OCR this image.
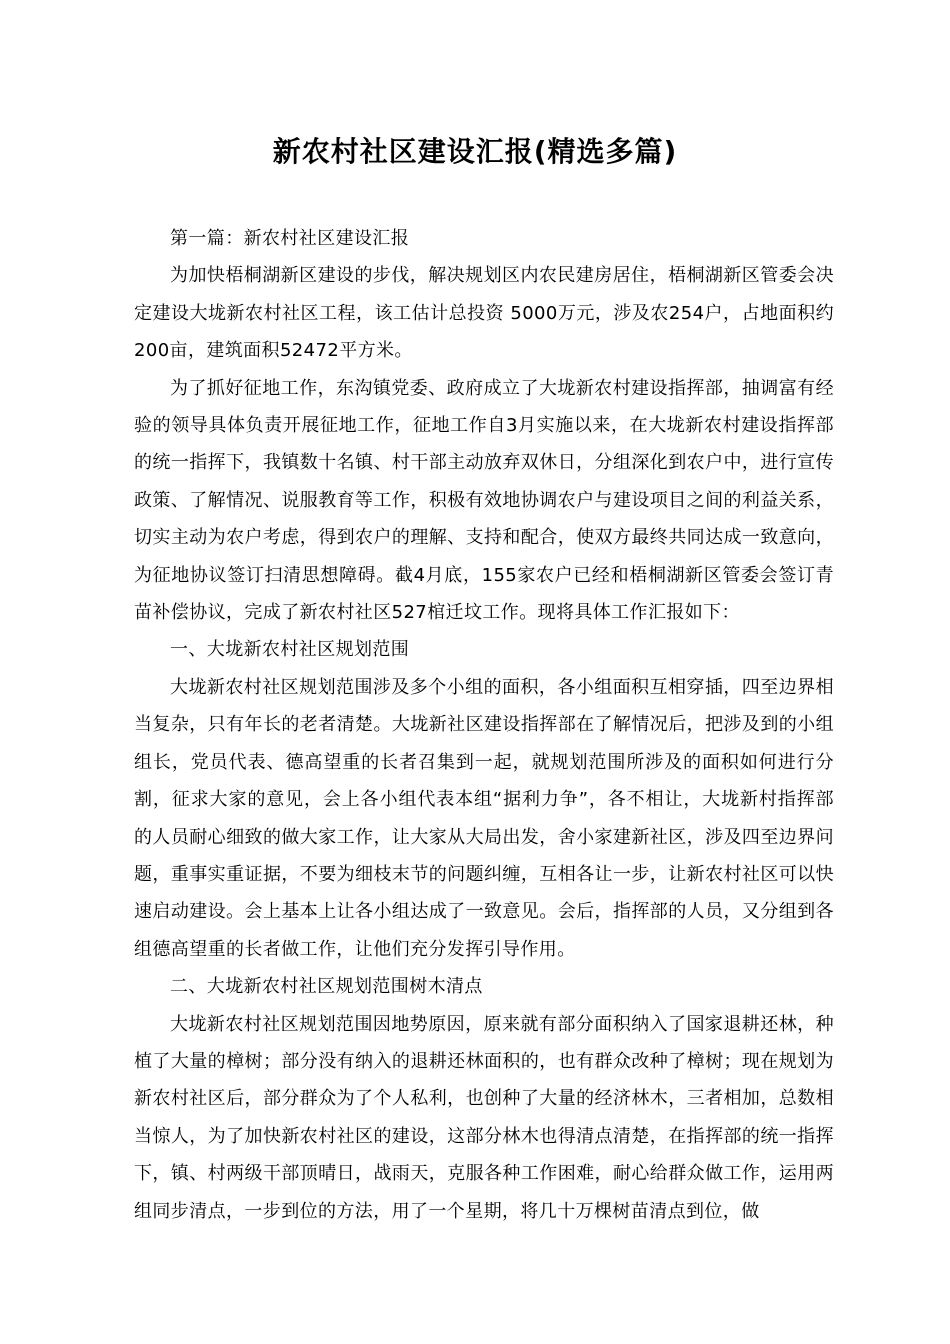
新农村社区建设汇报(精选多篇)

第一篇：新农村社区建设汇报

为加快梧桐湖新区建设的步伐，解决规划区内农民建房居住，梧桐湖新区管委会决定建设大垅新农村社区工程，该工估计总投资 5000万元，涉及农254户，占地面积约200亩，建筑面积52472平方米。

为了抓好征地工作，东沟镇党委、政府成立了大垅新农村建设指挥部，抽调富有经验的领导具体负责开展征地工作，征地工作自3月实施以来，在大垅新农村建设指挥部的统一指挥下，我镇数十名镇、村干部主动放弃双休日，分组深化到农户中，进行宣传政策、了解情况、说服教育等工作，积极有效地协调农户与建设项目之间的利益关系，切实主动为农户考虑，得到农户的理解、支持和配合，使双方最终共同达成一致意向，为征地协议签订扫清思想障碍。截4月底，155家农户已经和梧桐湖新区管委会签订青苗补偿协议，完成了新农村社区527棺迁坟工作。现将具体工作汇报如下：

一、大垅新农村社区规划范围

大垅新农村社区规划范围涉及多个小组的面积，各小组面积互相穿插，四至边界相当复杂，只有年长的老者清楚。大垅新社区建设指挥部在了解情况后，把涉及到的小组组长，党员代表、德高望重的长者召集到一起，就规划范围所涉及的面积如何进行分割，征求大家的意见，会上各小组代表本组“据利力争”，各不相让，大垅新村指挥部的人员耐心细致的做大家工作，让大家从大局出发，舍小家建新社区，涉及四至边界问题，重事实重证据，不要为细枝末节的问题纠缠，互相各让一步，让新农村社区可以快速启动建设。会上基本上让各小组达成了一致意见。会后，指挥部的人员，又分组到各组德高望重的长者做工作，让他们充分发挥引导作用。

二、大垅新农村社区规划范围树木清点

大垅新农村社区规划范围因地势原因，原来就有部分面积纳入了国家退耕还林，种植了大量的樟树；部分没有纳入的退耕还林面积的，也有群众改种了樟树；现在规划为新农村社区后，部分群众为了个人私利，也创种了大量的经济林木，三者相加，总数相当惊人，为了加快新农村社区的建设，这部分林木也得清点清楚，在指挥部的统一指挥下，镇、村两级干部顶晴日，战雨天，克服各种工作困难，耐心给群众做工作，运用两组同步清点，一步到位的方法，用了一个星期，将几十万棵树苗清点到位，做
